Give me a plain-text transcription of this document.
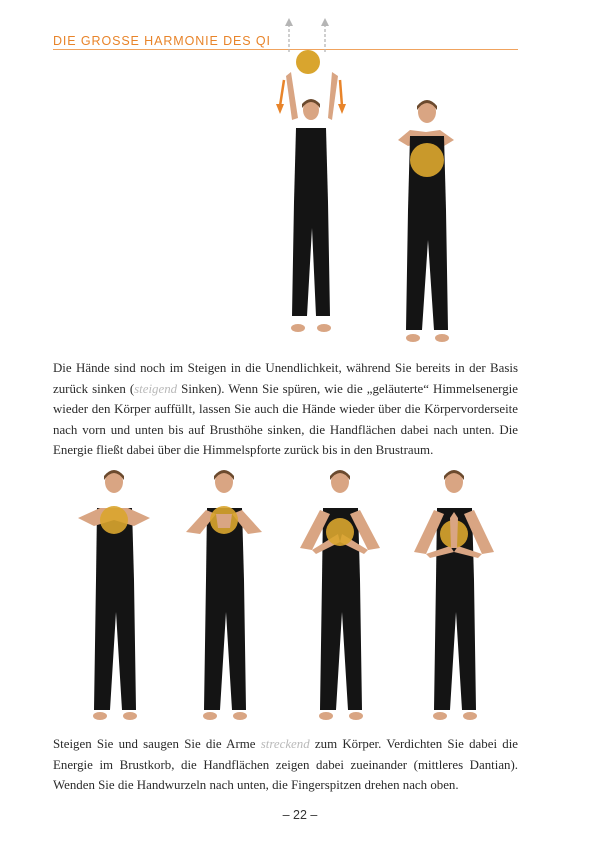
DIE GROSSE HARMONIE DES QI
Die Hände sind noch im Steigen in die Unendlichkeit, während Sie bereits in der Basis zurück sinken (steigend Sinken). Wenn Sie spüren, wie die „geläuterte“ Himmelsenergie wieder den Körper auffüllt, lassen Sie auch die Hände wieder über die Körpervorderseite nach vorn und unten bis auf Brusthöhe sinken, die Handflächen dabei nach unten. Die Energie fließt dabei über die Himmelspforte zurück bis in den Brustraum.
Steigen Sie und saugen Sie die Arme streckend zum Körper. Verdichten Sie dabei die Energie im Brustkorb, die Handflächen zeigen dabei zueinander (mittleres Dantian). Wenden Sie die Handwurzeln nach unten, die Fingerspitzen drehen nach oben.
– 22 –
